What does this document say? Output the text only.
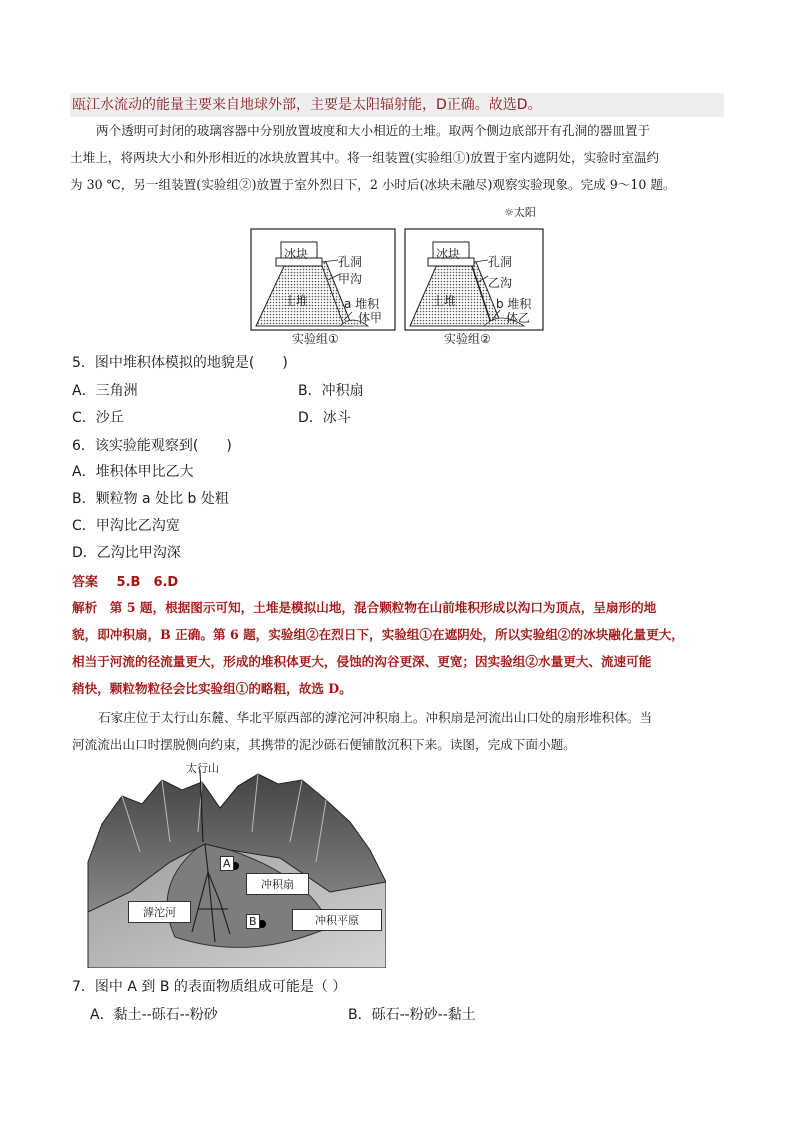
瓯江水流动的能量主要来自地球外部，主要是太阳辐射能，D正确。故选D。

两个透明可封闭的玻璃容器中分别放置坡度和大小相近的土堆。取两个侧边底部开有孔洞的器皿置于

土堆上，将两块大小和外形相近的冰块放置其中。将一组装置(实验组①)放置于室内遮阴处，实验时室温约

为 30 ℃，另一组装置(实验组②)放置于室外烈日下，2 小时后(冰块未融尽)观察实验现象。完成 9～10 题。

☼太阳
冰块
孔洞
甲沟
土堆	a 堆积
体甲
实验组①
冰块
孔洞
乙沟
土堆	b 堆积
体乙
实验组②
5．图中堆积体模拟的地貌是(　　)
A．三角洲	B．冲积扇
C．沙丘	D．冰斗
6．该实验能观察到(　　)
A．堆积体甲比乙大
B．颗粒物 a 处比 b 处粗
C．甲沟比乙沟宽
D．乙沟比甲沟深
答案 5.B　6.D

解析　 第 5 题，根据图示可知，土堆是模拟山地，混合颗粒物在山前堆积形成以沟口为顶点，呈扇形的地

貌，即冲积扇，B 正确。第 6 题，实验组②在烈日下，实验组①在遮阴处，所以实验组②的冰块融化量更大，

相当于河流的径流量更大，形成的堆积体更大，侵蚀的沟谷更深、更宽；因实验组②水量更大、流速可能

稍快，颗粒物粒径会比实验组①的略粗，故选 D。

石家庄位于太行山东麓、华北平原西部的滹沱河冲积扇上。冲积扇是河流出山口处的扇形堆积体。当

河流流出山口时摆脱侧向约束，其携带的泥沙砾石便铺散沉积下来。读图，完成下面小题。

太行山
A
B
冲积扇
滹沱河
冲积平原
7．图中 A 到 B 的表面物质组成可能是（ ）
A．黏土--砾石--粉砂	B．砾石--粉砂--黏土
